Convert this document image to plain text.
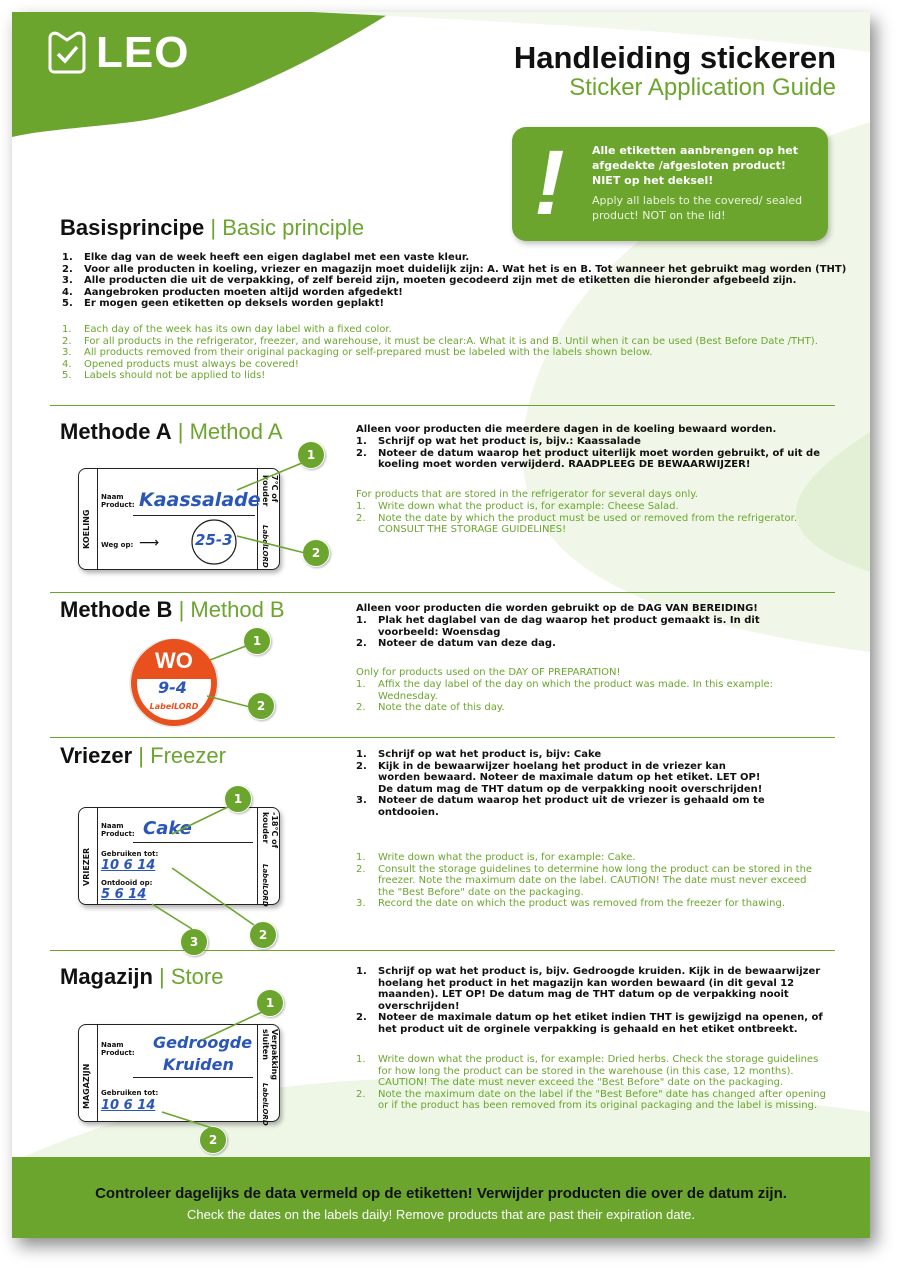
LEO	Handleiding stickeren
Sticker Application Guide
! Alle etiketten aanbrengen op het afgedekte /afgesloten product! NIET op het deksel!
Apply all labels to the covered/ sealed product! NOT on the lid!
Basisprincipe | Basic principle
1. Elke dag van de week heeft een eigen daglabel met een vaste kleur.
2. Voor alle producten in koeling, vriezer en magazijn moet duidelijk zijn: A. Wat het is en B. Tot wanneer het gebruikt mag worden (THT)
3. Alle producten die uit de verpakking, of zelf bereid zijn, moeten gecodeerd zijn met de etiketten die hieronder afgebeeld zijn.
4. Aangebroken producten moeten altijd worden afgedekt!
5. Er mogen geen etiketten op deksels worden geplakt!
1. Each day of the week has its own day label with a fixed color.
2. For all products in the refrigerator, freezer, and warehouse, it must be clear:A. What it is and B. Until when it can be used (Best Before Date /THT).
3. All products removed from their original packaging or self-prepared must be labeled with the labels shown below.
4. Opened products must always be covered!
5. Labels should not be applied to lids!
Methode A | Method A	Alleen voor producten die meerdere dagen in de koeling bewaard worden.
1. Schrijf op wat het product is, bijv.: Kaassalade
2. Noteer de datum waarop het product uiterlijk moet worden gebruikt, of uit de koeling moet worden verwijderd. RAADPLEEG DE BEWAARWIJZER!
For products that are stored in the refrigerator for several days only.
1. Write down what the product is, for example: Cheese Salad.
2. Note the date by which the product must be used or removed from the refrigerator. CONSULT THE STORAGE GUIDELINES!
KOELING
7°C of kouder
LabelLORD
Naam Product: Kaassalade
Weg op: ⟶ 25-3
1
2
Methode B | Method B	Alleen voor producten die worden gebruikt op de DAG VAN BEREIDING!
1. Plak het daglabel van de dag waarop het product gemaakt is. In dit voorbeeld: Woensdag
2. Noteer de datum van deze dag.
Only for products used on the DAY OF PREPARATION!
1. Affix the day label of the day on which the product was made. In this example: Wednesday.
2. Note the date of this day.
WO
9-4
LabelLORD
1
2
Vriezer | Freezer	1. Schrijf op wat het product is, bijv: Cake
2. Kijk in de bewaarwijzer hoelang het product in de vriezer kan worden bewaard. Noteer de maximale datum op het etiket. LET OP! De datum mag de THT datum op de verpakking nooit overschrijden!
3. Noteer de datum waarop het product uit de vriezer is gehaald om te ontdooien.
1. Write down what the product is, for example: Cake.
2. Consult the storage guidelines to determine how long the product can be stored in the freezer. Note the maximum date on the label. CAUTION! The date must never exceed the "Best Before" date on the packaging.
3. Record the date on which the product was removed from the freezer for thawing.
VRIEZER
-18°C of kouder
LabelLORD
Naam Product: Cake
Gebruiken tot:
10 6 14
Ontdooid op:
5 6 14
1
2
3
Magazijn | Store	1. Schrijf op wat het product is, bijv. Gedroogde kruiden. Kijk in de bewaarwijzer hoelang het product in het magazijn kan worden bewaard (in dit geval 12 maanden). LET OP! De datum mag de THT datum op de verpakking nooit overschrijden!
2. Noteer de maximale datum op het etiket indien THT is gewijzigd na openen, of het product uit de orginele verpakking is gehaald en het etiket ontbreekt.
1. Write down what the product is, for example: Dried herbs. Check the storage guidelines for how long the product can be stored in the warehouse (in this case, 12 months). CAUTION! The date must never exceed the "Best Before" date on the packaging.
2. Note the maximum date on the label if the "Best Before" date has changed after opening or if the product has been removed from its original packaging and the label is missing.
MAGAZIJN
Verpakking sluiten
LabelLORD
Naam Product:
Gedroogde
Kruiden
Gebruiken tot:
10 6 14
1
2
Controleer dagelijks de data vermeld op de etiketten! Verwijder producten die over de datum zijn.
Check the dates on the labels daily! Remove products that are past their expiration date.
